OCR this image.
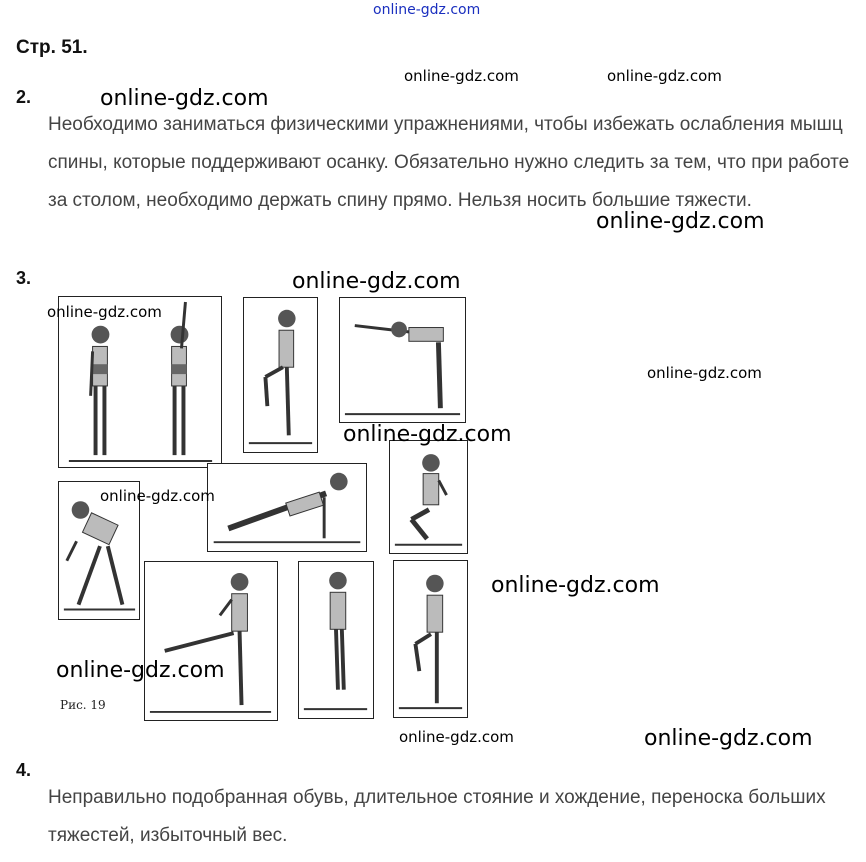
online-gdz.com
Стр. 51.
2.
Необходимо заниматься физическими упражнениями, чтобы избежать ослабления мышц спины, которые поддерживают осанку. Обязательно нужно следить за тем, что при работе за столом, необходимо держать спину прямо. Нельзя носить большие тяжести.
3.
Рис. 19
4.
Неправильно подобранная обувь, длительное стояние и хождение, переноска больших тяжестей, избыточный вес.
online-gdz.com	online-gdz.com
online-gdz.com
online-gdz.com
online-gdz.com
online-gdz.com
online-gdz.com
online-gdz.com
online-gdz.com
online-gdz.com
online-gdz.com
online-gdz.com	online-gdz.com
